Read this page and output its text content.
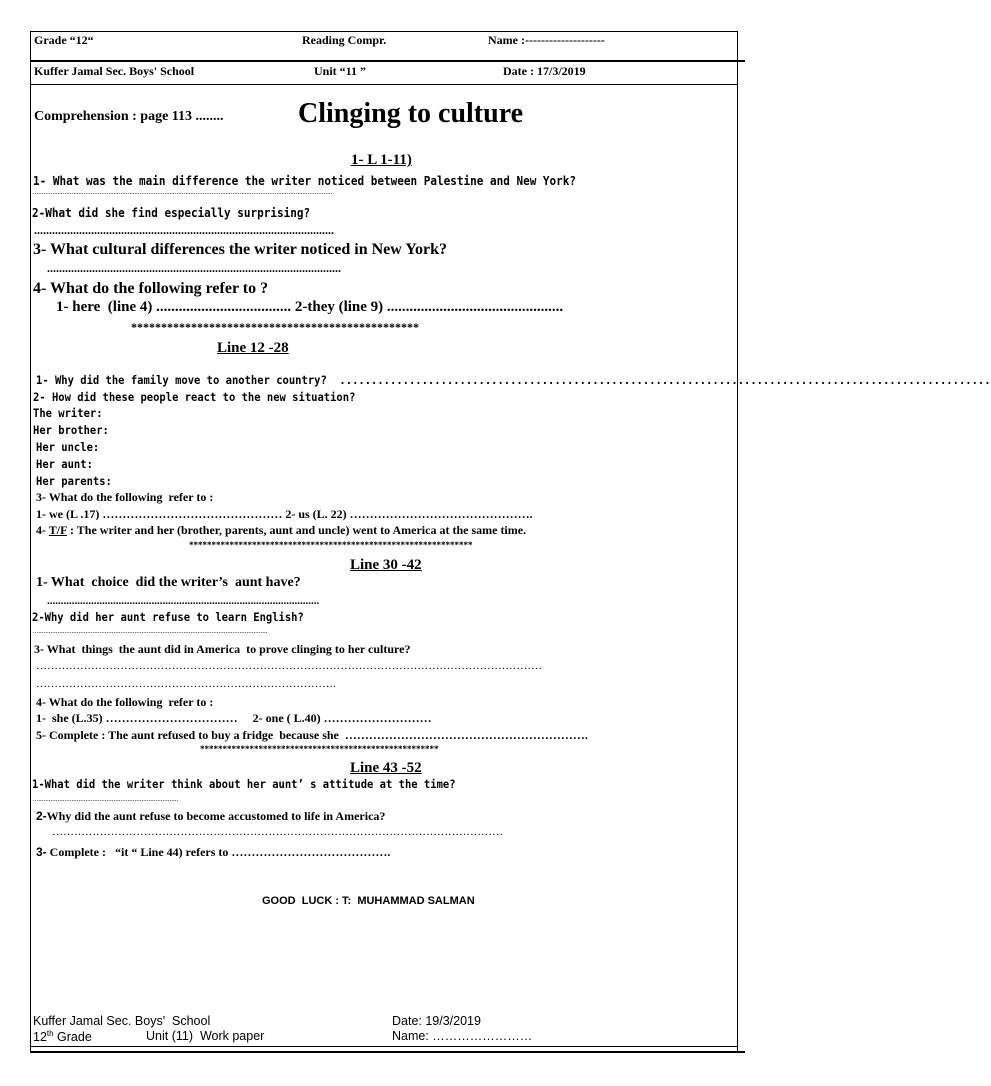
Grade “12“	Reading Compr.	Name :--------------------
Kuffer Jamal Sec. Boys' School	Unit “11 ”	Date : 17/3/2019
Comprehension : page 113 ........	Clinging to culture
1- L 1-11)
1- What was the main difference the writer noticed between Palestine and New York?
...........................................................................................................................................................................
2-What did she find especially surprising?
....................................................................................................
3- What cultural differences the writer noticed in New York?
..................................................................................................
4- What do the following refer to ?
1- here  (line 4) .................................... 2-they (line 9) ...............................................
************************************************
Line 12 -28
1- Why did the family move to another country?  .......................................................................................................
2- How did these people react to the new situation?
The writer:
Her brother:
Her uncle:
Her aunt:
Her parents:
3- What do the following  refer to :
1- we (L .17) ……………………………………… 2- us (L. 22) ……………………………………….
4- T/F : The writer and her (brother, parents, aunt and uncle) went to America at the same time.
***************************************************************
Line 30 -42
1- What  choice  did the writer’s  aunt have?
...................................................................................................
2-Why did her aunt refuse to learn English?
......................................................................................................................................
3- What  things  the aunt did in America  to prove clinging to her culture?
…………………………………………………………………………………………………………………………
……………………………………………………………………….
4- What do the following  refer to :
1-  she (L.35) ……………………………     2- one ( L.40) ………………………
5- Complete : The aunt refused to buy a fridge  because she  …………………………………………………….
*****************************************************
Line 43 -52
1-What did the writer think about her aunt’ s attitude at the time?
...................................................................................
2-Why did the aunt refuse to become accustomed to life in America?
……………………………………………………………………………………………………………
3- Complete :   “it “ Line 44) refers to ………………………………….
GOOD  LUCK : T:  MUHAMMAD SALMAN
Kuffer Jamal Sec. Boys'  School	Date: 19/3/2019
12th Grade	Unit (11)  Work paper	Name: ……………………
